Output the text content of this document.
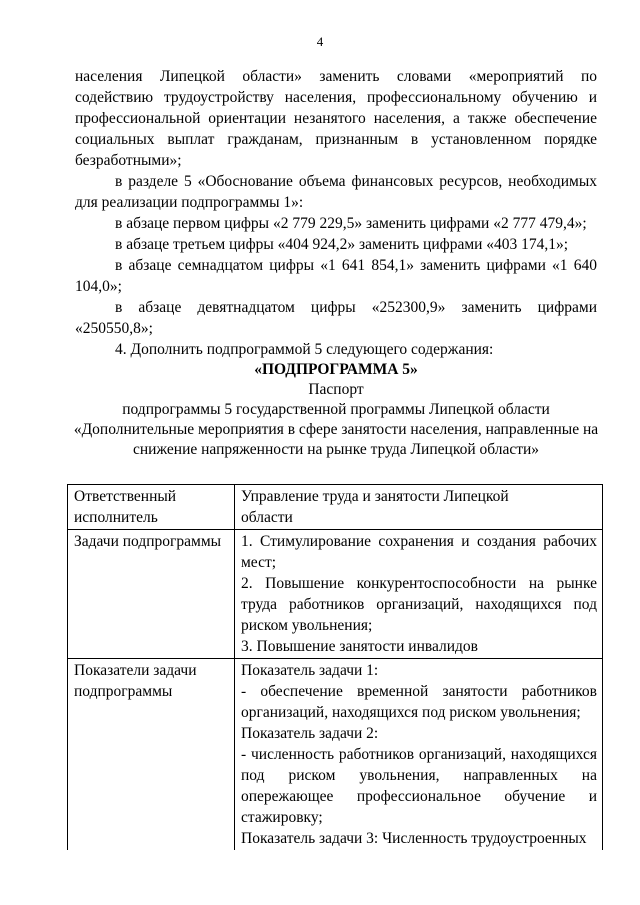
4

населения Липецкой области» заменить словами «мероприятий по содействию трудоустройству населения, профессиональному обучению и профессиональной ориентации незанятого населения, а также обеспечение социальных выплат гражданам, признанным в установленном порядке безработными»;

в разделе 5 «Обоснование объема финансовых ресурсов, необходимых для реализации подпрограммы 1»:

в абзаце первом цифры «2 779 229,5» заменить цифрами «2 777 479,4»;

в абзаце третьем цифры «404 924,2» заменить цифрами «403 174,1»;

в абзаце семнадцатом цифры «1 641 854,1» заменить цифрами «1 640 104,0»;

в абзаце девятнадцатом цифры «252300,9» заменить цифрами «250550,8»;

4. Дополнить подпрограммой 5 следующего содержания:

«ПОДПРОГРАММА 5»
Паспорт
подпрограммы 5 государственной программы Липецкой области
«Дополнительные мероприятия в сфере занятости населения, направленные на
снижение напряженности на рынке труда Липецкой области»
Ответственный
исполнитель	Управление труда и занятости Липецкой
области

Задачи подпрограммы	1. Стимулирование сохранения и создания рабочих мест;
2. Повышение конкурентоспособности на рынке труда работников организаций, находящихся под риском увольнения;
3. Повышение занятости инвалидов

Показатели задачи
подпрограммы	Показатель задачи 1:
- обеспечение временной занятости работников организаций, находящихся под риском увольнения;
Показатель задачи 2:
- численность работников организаций, находящихся под риском увольнения, направленных на опережающее профессиональное обучение и стажировку;
Показатель задачи 3: Численность трудоустроенных
